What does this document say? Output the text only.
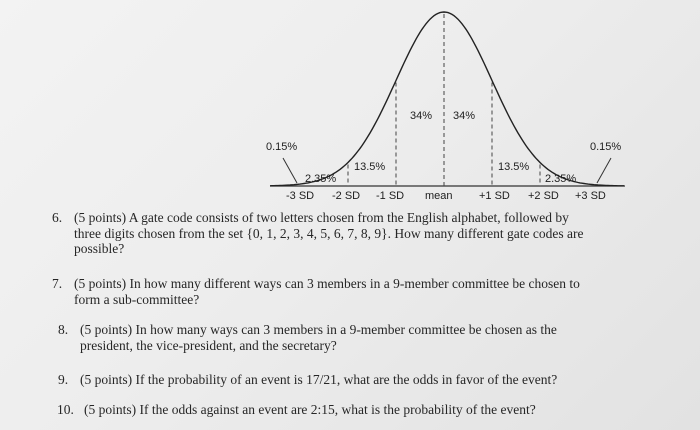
34% 34%
0.15%	0.15%
13.5%	13.5%
2.35%	2.35%
-3 SD -2 SD -1 SD mean +1 SD +2 SD +3 SD
6. (5 points) A gate code consists of two letters chosen from the English alphabet, followed by
three digits chosen from the set {0, 1, 2, 3, 4, 5, 6, 7, 8, 9}. How many different gate codes are
possible?
7. (5 points) In how many different ways can 3 members in a 9-member committee be chosen to
form a sub-committee?
8. (5 points) In how many ways can 3 members in a 9-member committee be chosen as the
president, the vice-president, and the secretary?
9. (5 points) If the probability of an event is 17/21, what are the odds in favor of the event?
10. (5 points) If the odds against an event are 2:15, what is the probability of the event?
